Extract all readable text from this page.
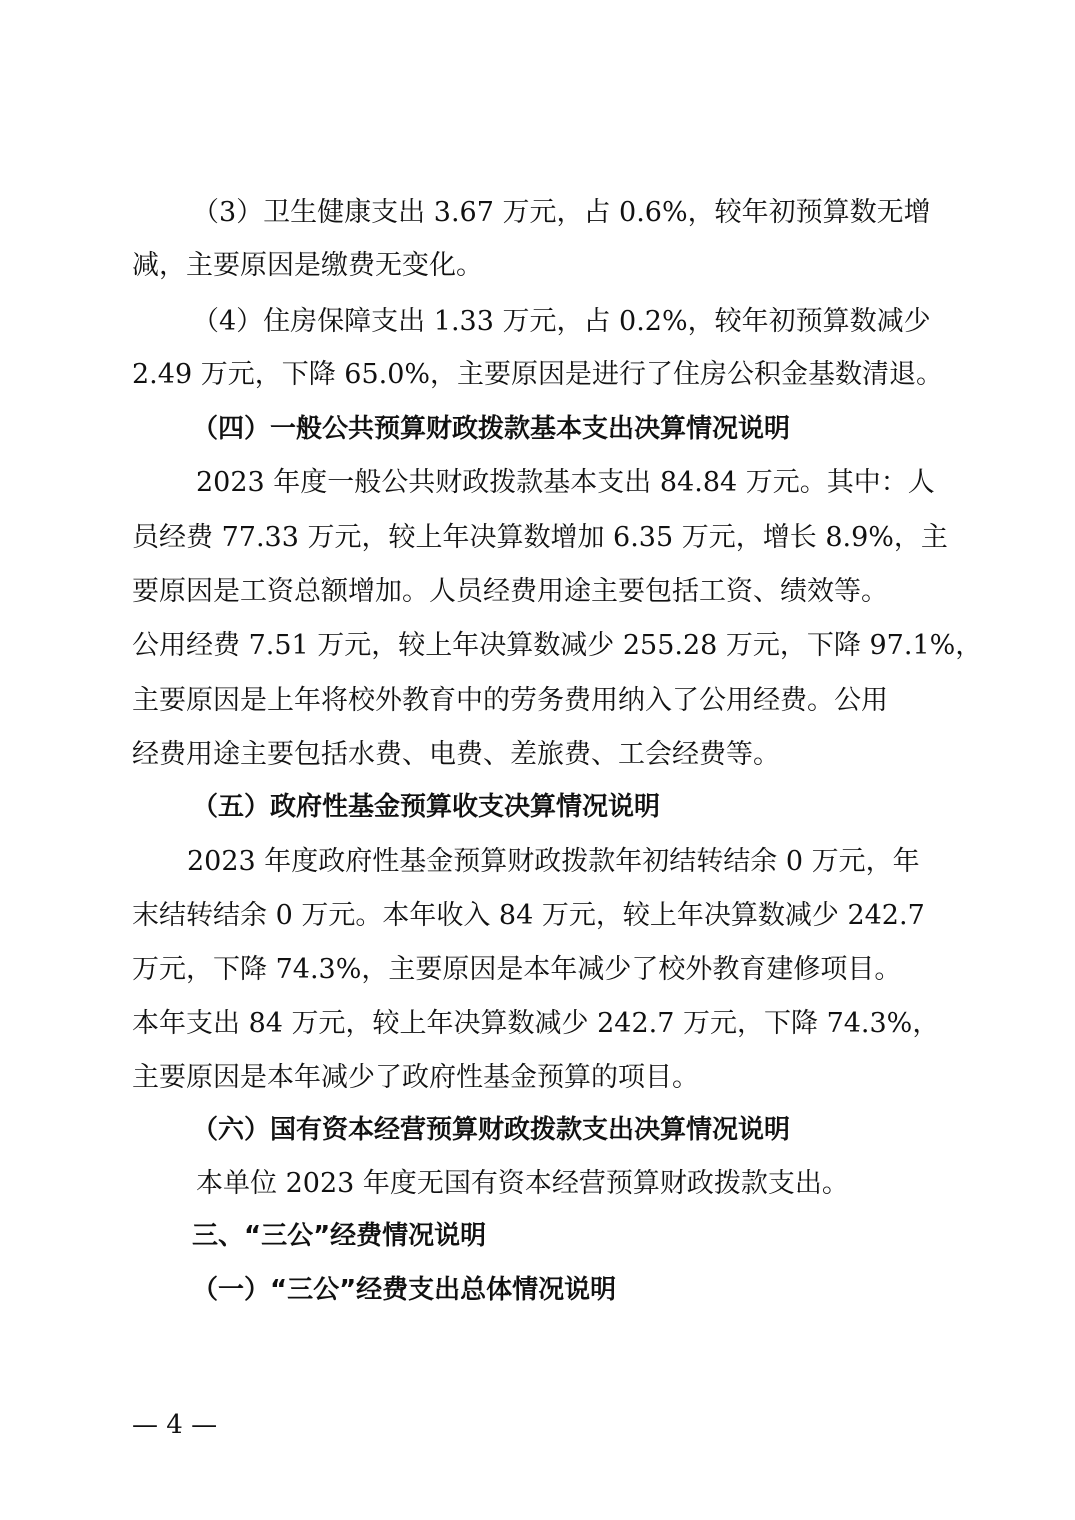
（3）卫生健康支出 3.67 万元，占 0.6%，较年初预算数无增
减，主要原因是缴费无变化。
（4）住房保障支出 1.33 万元，占 0.2%，较年初预算数减少
2.49 万元，下降 65.0%，主要原因是进行了住房公积金基数清退。
（四）一般公共预算财政拨款基本支出决算情况说明
2023 年度一般公共财政拨款基本支出 84.84 万元。其中：人
员经费 77.33 万元，较上年决算数增加 6.35 万元，增长 8.9%，主
要原因是工资总额增加。人员经费用途主要包括工资、绩效等。
公用经费 7.51 万元，较上年决算数减少 255.28 万元，下降 97.1%，
主要原因是上年将校外教育中的劳务费用纳入了公用经费。公用
经费用途主要包括水费、电费、差旅费、工会经费等。
（五）政府性基金预算收支决算情况说明
2023 年度政府性基金预算财政拨款年初结转结余 0 万元，年
末结转结余 0 万元。本年收入 84 万元，较上年决算数减少 242.7
万元，下降 74.3%，主要原因是本年减少了校外教育建修项目。
本年支出 84 万元，较上年决算数减少 242.7 万元，下降 74.3%，
主要原因是本年减少了政府性基金预算的项目。
（六）国有资本经营预算财政拨款支出决算情况说明
本单位 2023 年度无国有资本经营预算财政拨款支出。
三、“三公”经费情况说明
（一）“三公”经费支出总体情况说明
— 4 —
